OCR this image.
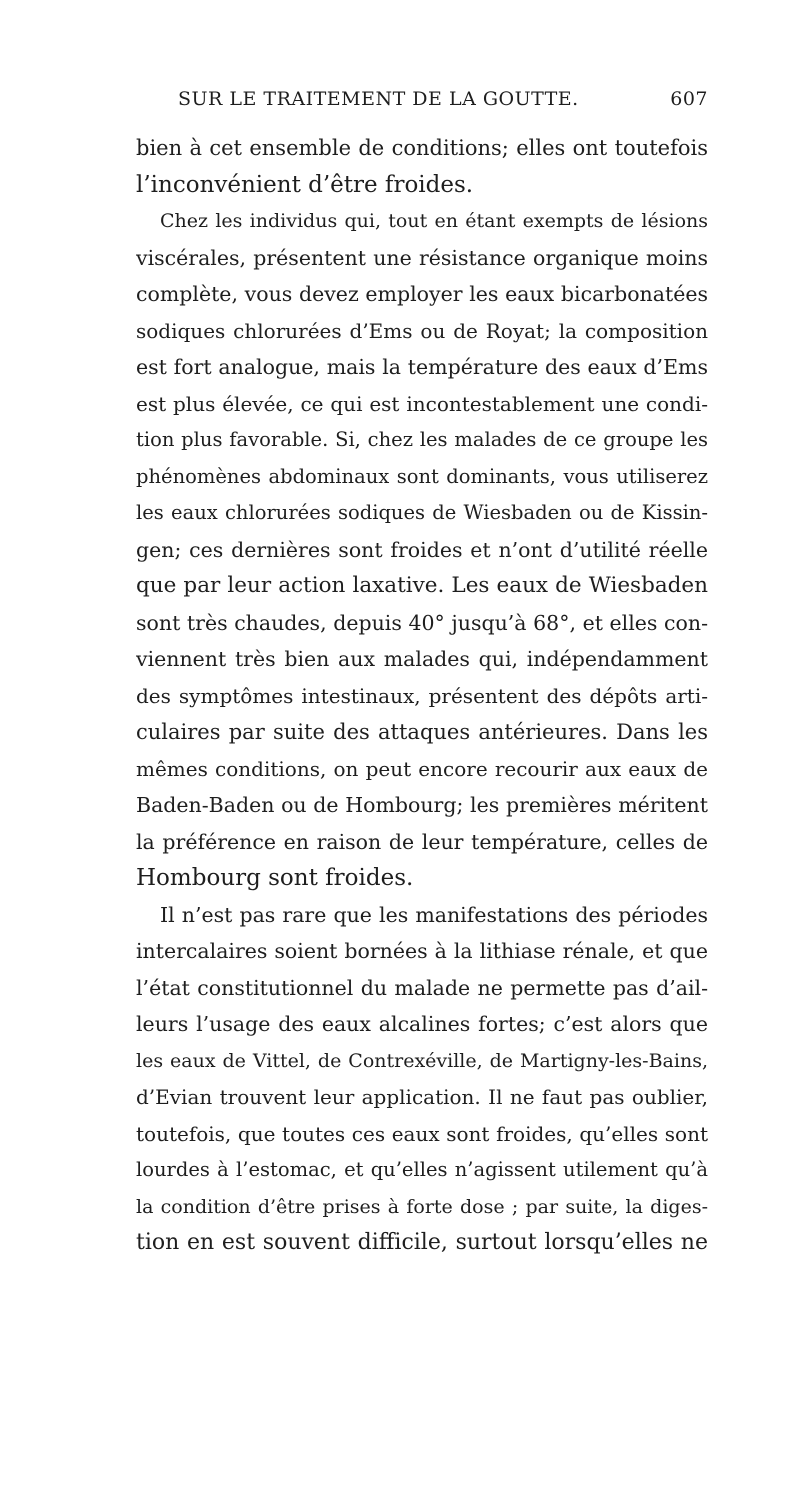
SUR LE TRAITEMENT DE LA GOUTTE.	607
bien à cet ensemble de conditions; elles ont toutefois
l’inconvénient d’être froides.
Chez les individus qui, tout en étant exempts de lésions
viscérales, présentent une résistance organique moins
complète, vous devez employer les eaux bicarbonatées
sodiques chlorurées d’Ems ou de Royat; la composition
est fort analogue, mais la température des eaux d’Ems
est plus élevée, ce qui est incontestablement une condi-
tion plus favorable. Si, chez les malades de ce groupe les
phénomènes abdominaux sont dominants, vous utiliserez
les eaux chlorurées sodiques de Wiesbaden ou de Kissin-
gen; ces dernières sont froides et n’ont d’utilité réelle
que par leur action laxative. Les eaux de Wiesbaden
sont très chaudes, depuis 40° jusqu’à 68°, et elles con-
viennent très bien aux malades qui, indépendamment
des symptômes intestinaux, présentent des dépôts arti-
culaires par suite des attaques antérieures. Dans les
mêmes conditions, on peut encore recourir aux eaux de
Baden-Baden ou de Hombourg; les premières méritent
la préférence en raison de leur température, celles de
Hombourg sont froides.
Il n’est pas rare que les manifestations des périodes
intercalaires soient bornées à la lithiase rénale, et que
l’état constitutionnel du malade ne permette pas d’ail-
leurs l’usage des eaux alcalines fortes; c’est alors que
les eaux de Vittel, de Contrexéville, de Martigny-les-Bains,
d’Evian trouvent leur application. Il ne faut pas oublier,
toutefois, que toutes ces eaux sont froides, qu’elles sont
lourdes à l’estomac, et qu’elles n’agissent utilement qu’à
la condition d’être prises à forte dose ; par suite, la diges-
tion en est souvent difficile, surtout lorsqu’elles ne
